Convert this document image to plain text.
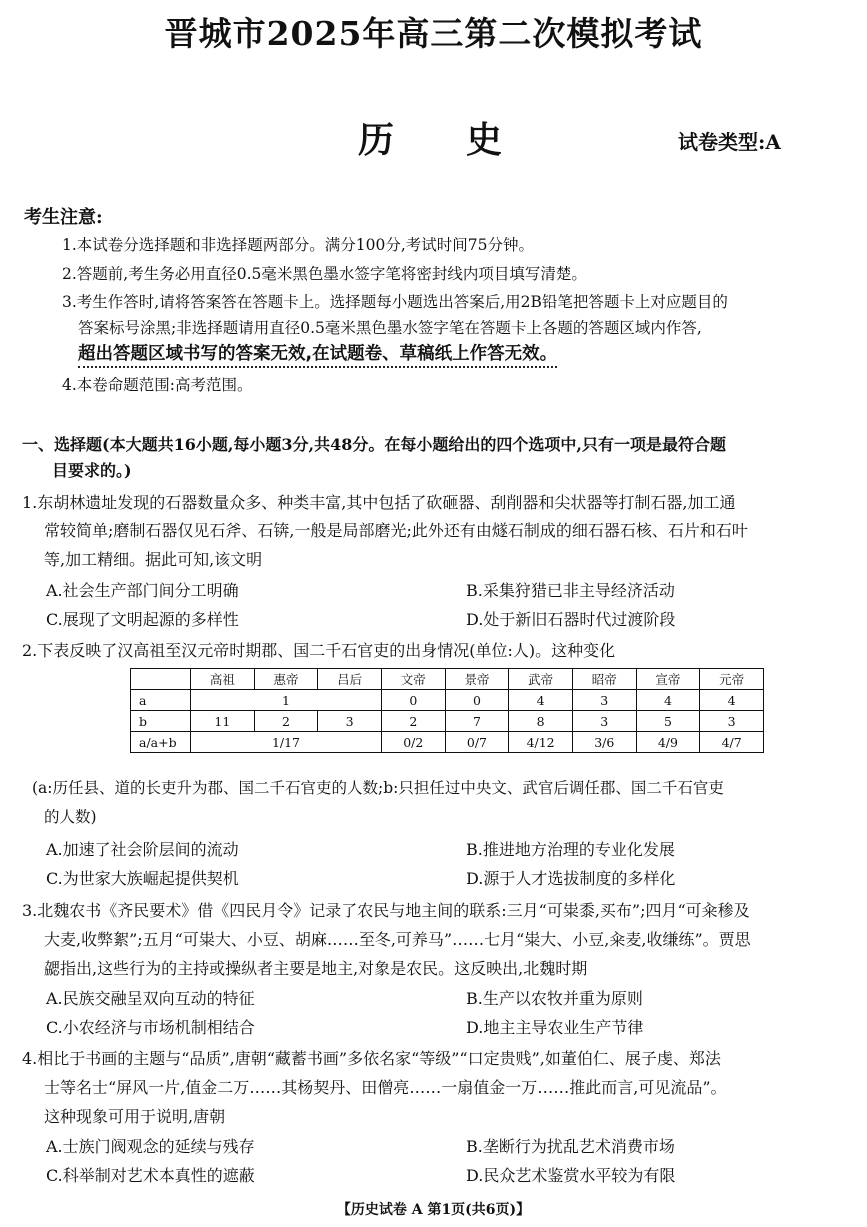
晋城市2025年高三第二次模拟考试
历史	试卷类型:A
考生注意:
1.本试卷分选择题和非选择题两部分。满分100分,考试时间75分钟。
2.答题前,考生务必用直径0.5毫米黑色墨水签字笔将密封线内项目填写清楚。
3.考生作答时,请将答案答在答题卡上。选择题每小题选出答案后,用2B铅笔把答题卡上对应题目的
答案标号涂黑;非选择题请用直径0.5毫米黑色墨水签字笔在答题卡上各题的答题区域内作答,
超出答题区域书写的答案无效,在试题卷、草稿纸上作答无效。
4.本卷命题范围:高考范围。
一、选择题(本大题共16小题,每小题3分,共48分。在每小题给出的四个选项中,只有一项是最符合题
目要求的。)
1.东胡林遗址发现的石器数量众多、种类丰富,其中包括了砍砸器、刮削器和尖状器等打制石器,加工通
常较简单;磨制石器仅见石斧、石锛,一般是局部磨光;此外还有由燧石制成的细石器石核、石片和石叶
等,加工精细。据此可知,该文明
A.社会生产部门间分工明确	B.采集狩猎已非主导经济活动
C.展现了文明起源的多样性	D.处于新旧石器时代过渡阶段
2.下表反映了汉高祖至汉元帝时期郡、国二千石官吏的出身情况(单位:人)。这种变化
	高祖	惠帝	吕后	文帝	景帝	武帝	昭帝	宣帝	元帝
a	1			0	0	4	3	4	4
b	11	2	3	2	7	8	3	5	3
a/a+b	1/17			0/2	0/7	4/12	3/6	4/9	4/7
(a:历任县、道的长吏升为郡、国二千石官吏的人数;b:只担任过中央文、武官后调任郡、国二千石官吏
的人数)
A.加速了社会阶层间的流动	B.推进地方治理的专业化发展
C.为世家大族崛起提供契机	D.源于人才选拔制度的多样化
3.北魏农书《齐民要术》借《四民月令》记录了农民与地主间的联系:三月“可粜黍,买布”;四月“可籴䅟及
大麦,收弊絮”;五月“可粜大、小豆、胡麻……至冬,可养马”……七月“粜大、小豆,籴麦,收缣练”。贾思
勰指出,这些行为的主持或操纵者主要是地主,对象是农民。这反映出,北魏时期
A.民族交融呈双向互动的特征	B.生产以农牧并重为原则
C.小农经济与市场机制相结合	D.地主主导农业生产节律
4.相比于书画的主题与“品质”,唐朝“藏蓄书画”多依名家“等级”“口定贵贱”,如董伯仁、展子虔、郑法
士等名士“屏风一片,值金二万……其杨契丹、田僧亮……一扇值金一万……推此而言,可见流品”。
这种现象可用于说明,唐朝
A.士族门阀观念的延续与残存	B.垄断行为扰乱艺术消费市场
C.科举制对艺术本真性的遮蔽	D.民众艺术鉴赏水平较为有限
【历史试卷 A 第1页(共6页)】
